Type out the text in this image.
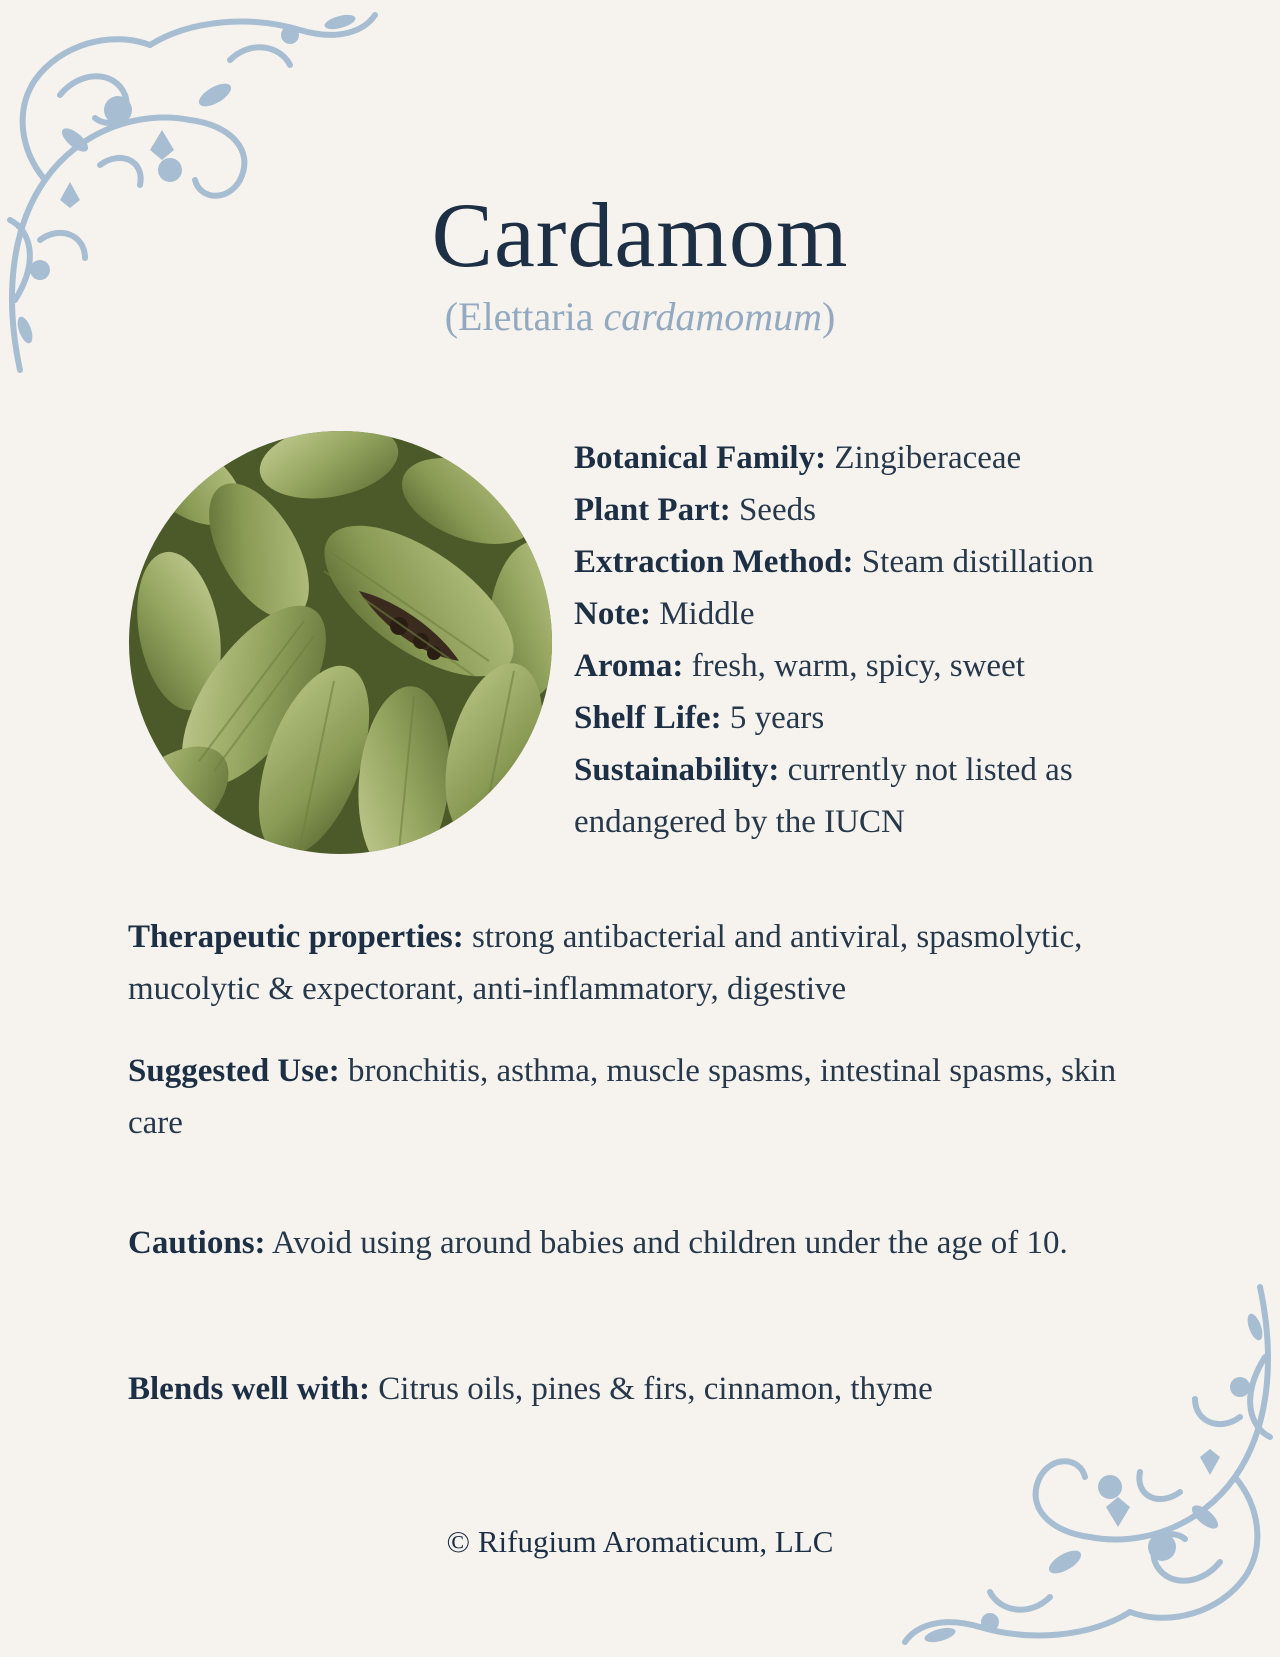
Cardamom
(Elettaria cardamomum)
Botanical Family: Zingiberaceae
Plant Part: Seeds
Extraction Method: Steam distillation
Note: Middle
Aroma: fresh, warm, spicy, sweet
Shelf Life: 5 years
Sustainability: currently not listed as endangered by the IUCN
Therapeutic properties: strong antibacterial and antiviral, spasmolytic, mucolytic & expectorant, anti-inflammatory, digestive
Suggested Use: bronchitis, asthma, muscle spasms, intestinal spasms, skin care
Cautions: Avoid using around babies and children under the age of 10.
Blends well with: Citrus oils, pines & firs, cinnamon, thyme
© Rifugium Aromaticum, LLC
